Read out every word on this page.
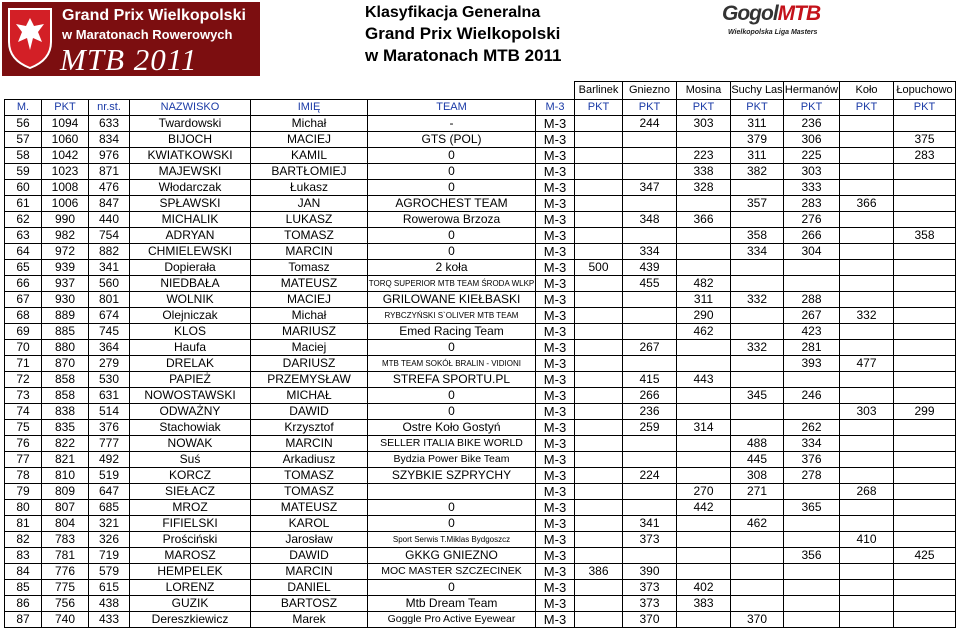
Grand Prix Wielkopolski
w Maratonach Rowerowych
MTB 2011
Klasyfikacja Generalna
Grand Prix Wielkopolski
w Maratonach MTB 2011
GogolMTB
Wielkopolska Liga Masters
							Barlinek	Gniezno	Mosina	Suchy Las	Hermanów	Koło	Łopuchowo
M.	PKT	nr.st.	NAZWISKO	IMIĘ	TEAM	M-3	PKT	PKT	PKT	PKT	PKT	PKT	PKT
56	1094	633	Twardowski	Michał	-	M-3		244	303	311	236		
57	1060	834	BIJOCH	MACIEJ	GTS (POL)	M-3				379	306		375
58	1042	976	KWIATKOWSKI	KAMIL	0	M-3			223	311	225		283
59	1023	871	MAJEWSKI	BARTŁOMIEJ	0	M-3			338	382	303		
60	1008	476	Włodarczak	Łukasz	0	M-3		347	328		333		
61	1006	847	SPŁAWSKI	JAN	AGROCHEST TEAM	M-3				357	283	366	
62	990	440	MICHALIK	LUKASZ	Rowerowa Brzoza	M-3		348	366		276		
63	982	754	ADRYAN	TOMASZ	0	M-3				358	266		358
64	972	882	CHMIELEWSKI	MARCIN	0	M-3		334		334	304		
65	939	341	Dopierała	Tomasz	2 koła	M-3	500	439					
66	937	560	NIEDBAŁA	MATEUSZ	TORQ SUPERIOR MTB TEAM ŚRODA WLKP	M-3		455	482				
67	930	801	WOLNIK	MACIEJ	GRILOWANE KIEŁBASKI	M-3			311	332	288		
68	889	674	Olejniczak	Michał	RYBCZYŃSKI S`OLIVER MTB TEAM	M-3			290		267	332	
69	885	745	KLOS	MARIUSZ	Emed Racing Team	M-3			462		423		
70	880	364	Haufa	Maciej	0	M-3		267		332	281		
71	870	279	DRELAK	DARIUSZ	MTB TEAM SOKÓŁ BRALIN - VIDIONI	M-3					393	477	
72	858	530	PAPIEŻ	PRZEMYSŁAW	STREFA SPORTU.PL	M-3		415	443				
73	858	631	NOWOSTAWSKI	MICHAŁ	0	M-3		266		345	246		
74	838	514	ODWAŻNY	DAWID	0	M-3		236				303	299
75	835	376	Stachowiak	Krzysztof	Ostre Koło Gostyń	M-3		259	314		262		
76	822	777	NOWAK	MARCIN	SELLER ITALIA BIKE WORLD	M-3				488	334		
77	821	492	Suś	Arkadiusz	Bydzia Power Bike Team	M-3				445	376		
78	810	519	KORCZ	TOMASZ	SZYBKIE SZPRYCHY	M-3		224		308	278		
79	809	647	SIEŁACZ	TOMASZ		M-3			270	271		268	
80	807	685	MROZ	MATEUSZ	0	M-3			442		365		
81	804	321	FIFIELSKI	KAROL	0	M-3		341		462			
82	783	326	Prościński	Jarosław	Sport Serwis T.Miklas Bydgoszcz	M-3		373				410	
83	781	719	MAROSZ	DAWID	GKKG GNIEZNO	M-3					356		425
84	776	579	HEMPELEK	MARCIN	MOC MASTER SZCZECINEK	M-3	386	390					
85	775	615	LORENZ	DANIEL	0	M-3		373	402				
86	756	438	GUZIK	BARTOSZ	Mtb Dream Team	M-3		373	383				
87	740	433	Dereszkiewicz	Marek	Goggle Pro Active Eyewear	M-3		370		370			
